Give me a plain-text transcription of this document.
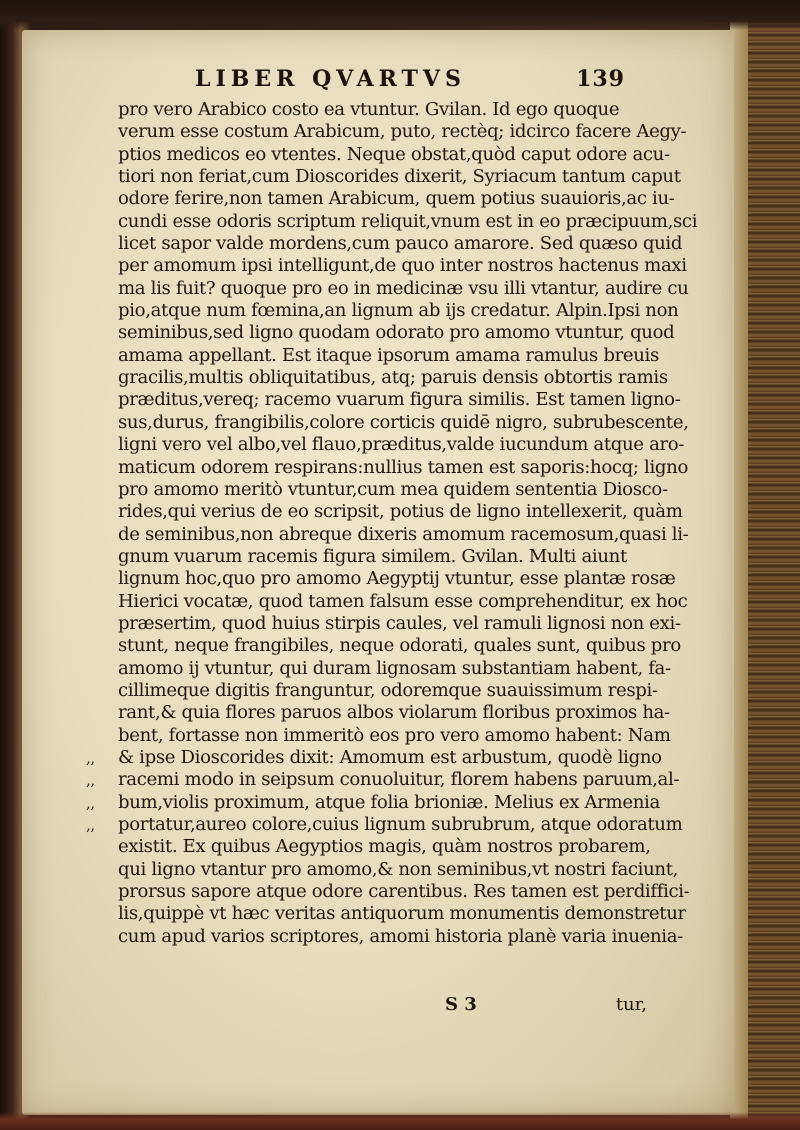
LIBER QVARTVS	139
pro vero Arabico costo ea vtuntur. Gvilan. Id ego quoque
verum esse costum Arabicum, puto, rectèq; idcirco facere Aegy-
ptios medicos eo vtentes. Neque obstat,quòd caput odore acu-
tiori non feriat,cum Dioscorides dixerit, Syriacum tantum caput
odore ferire,non tamen Arabicum, quem potius suauioris,ac iu-
cundi esse odoris scriptum reliquit,vnum est in eo præcipuum,sci
licet sapor valde mordens,cum pauco amarore. Sed quæso quid
per amomum ipsi intelligunt,de quo inter nostros hactenus maxi
ma lis fuit? quoque pro eo in medicinæ vsu illi vtantur, audire cu
pio,atque num fœmina,an lignum ab ijs credatur. Alpin.Ipsi non
seminibus,sed ligno quodam odorato pro amomo vtuntur, quod
amama appellant. Est itaque ipsorum amama ramulus breuis
gracilis,multis obliquitatibus, atq; paruis densis obtortis ramis
præditus,vereq; racemo vuarum figura similis. Est tamen ligno-
sus,durus, frangibilis,colore corticis quidē nigro, subrubescente,
ligni vero vel albo,vel flauo,præditus,valde iucundum atque aro-
maticum odorem respirans:nullius tamen est saporis:hocq; ligno
pro amomo meritò vtuntur,cum mea quidem sententia Diosco-
rides,qui verius de eo scripsit, potius de ligno intellexerit, quàm
de seminibus,non abreque dixeris amomum racemosum,quasi li-
gnum vuarum racemis figura similem. Gvilan. Multi aiunt
lignum hoc,quo pro amomo Aegyptij vtuntur, esse plantæ rosæ
Hierici vocatæ, quod tamen falsum esse comprehenditur, ex hoc
præsertim, quod huius stirpis caules, vel ramuli lignosi non exi-
stunt, neque frangibiles, neque odorati, quales sunt, quibus pro
amomo ij vtuntur, qui duram lignosam substantiam habent, fa-
cillimeque digitis franguntur, odoremque suauissimum respi-
rant,& quia flores paruos albos violarum floribus proximos ha-
bent, fortasse non immeritò eos pro vero amomo habent: Nam
,, & ipse Dioscorides dixit: Amomum est arbustum, quodè ligno
,, racemi modo in seipsum conuoluitur, florem habens paruum,al-
,, bum,violis proximum, atque folia brioniæ. Melius ex Armenia
,, portatur,aureo colore,cuius lignum subrubrum, atque odoratum
existit. Ex quibus Aegyptios magis, quàm nostros probarem,
qui ligno vtantur pro amomo,& non seminibus,vt nostri faciunt,
prorsus sapore atque odore carentibus. Res tamen est perdiffici-
lis,quippè vt hæc veritas antiquorum monumentis demonstretur
cum apud varios scriptores, amomi historia planè varia inuenia-
S 3	tur,
